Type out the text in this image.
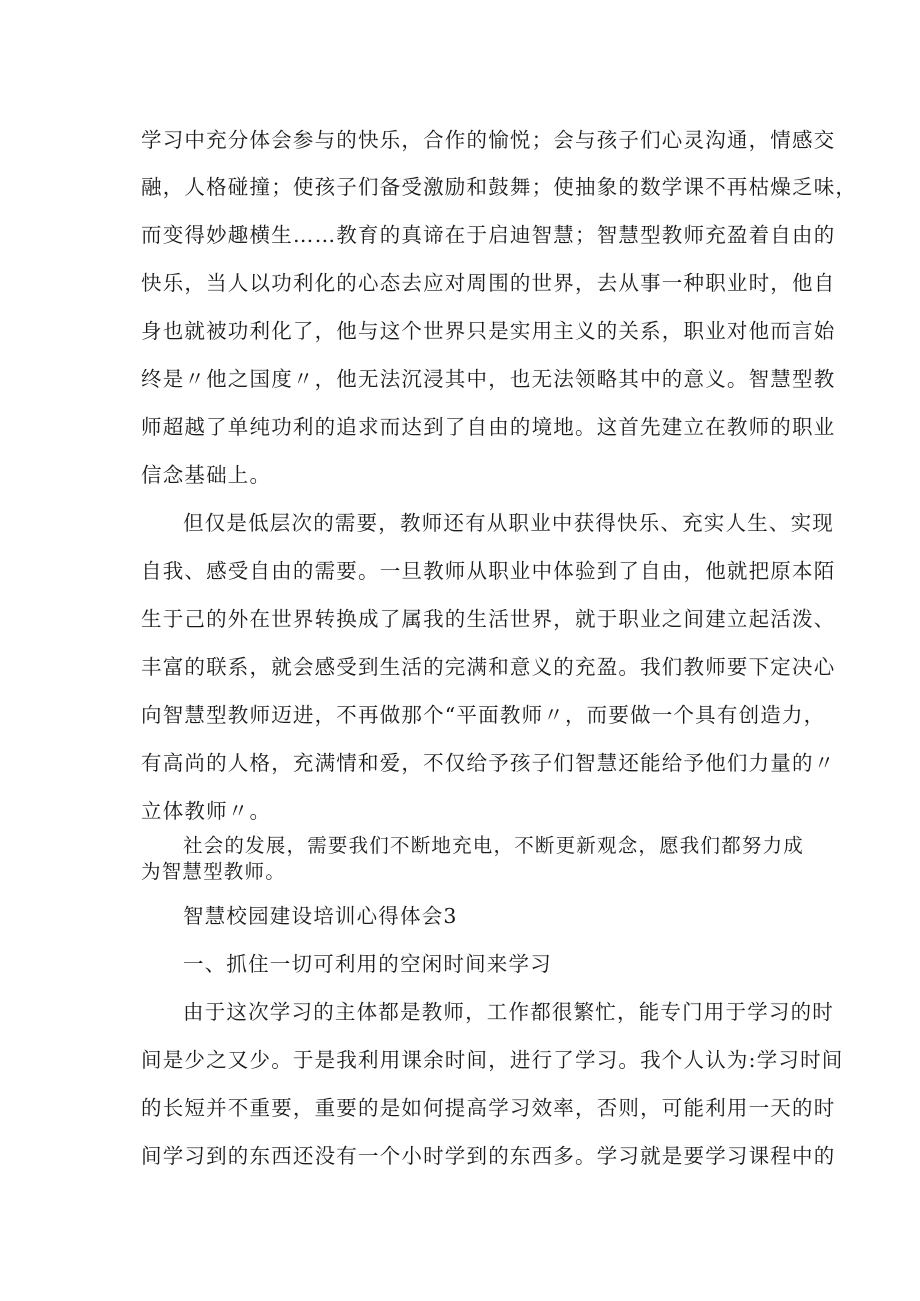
学习中充分体会参与的快乐，合作的愉悦；会与孩子们心灵沟通，情感交
融，人格碰撞；使孩子们备受激励和鼓舞；使抽象的数学课不再枯燥乏味，
而变得妙趣横生……教育的真谛在于启迪智慧；智慧型教师充盈着自由的
快乐，当人以功利化的心态去应对周围的世界，去从事一种职业时，他自
身也就被功利化了，他与这个世界只是实用主义的关系，职业对他而言始
终是〃他之国度〃，他无法沉浸其中，也无法领略其中的意义。智慧型教
师超越了单纯功利的追求而达到了自由的境地。这首先建立在教师的职业
信念基础上。
但仅是低层次的需要，教师还有从职业中获得快乐、充实人生、实现
自我、感受自由的需要。一旦教师从职业中体验到了自由，他就把原本陌
生于己的外在世界转换成了属我的生活世界，就于职业之间建立起活泼、
丰富的联系，就会感受到生活的完满和意义的充盈。我们教师要下定决心
向智慧型教师迈进，不再做那个“平面教师〃，而要做一个具有创造力，
有高尚的人格，充满情和爱，不仅给予孩子们智慧还能给予他们力量的〃
立体教师〃。
社会的发展，需要我们不断地充电，不断更新观念，愿我们都努力成
为智慧型教师。
智慧校园建设培训心得体会3
一、抓住一切可利用的空闲时间来学习
由于这次学习的主体都是教师，工作都很繁忙，能专门用于学习的时
间是少之又少。于是我利用课余时间，进行了学习。我个人认为:学习时间
的长短并不重要，重要的是如何提高学习效率，否则，可能利用一天的时
间学习到的东西还没有一个小时学到的东西多。学习就是要学习课程中的
